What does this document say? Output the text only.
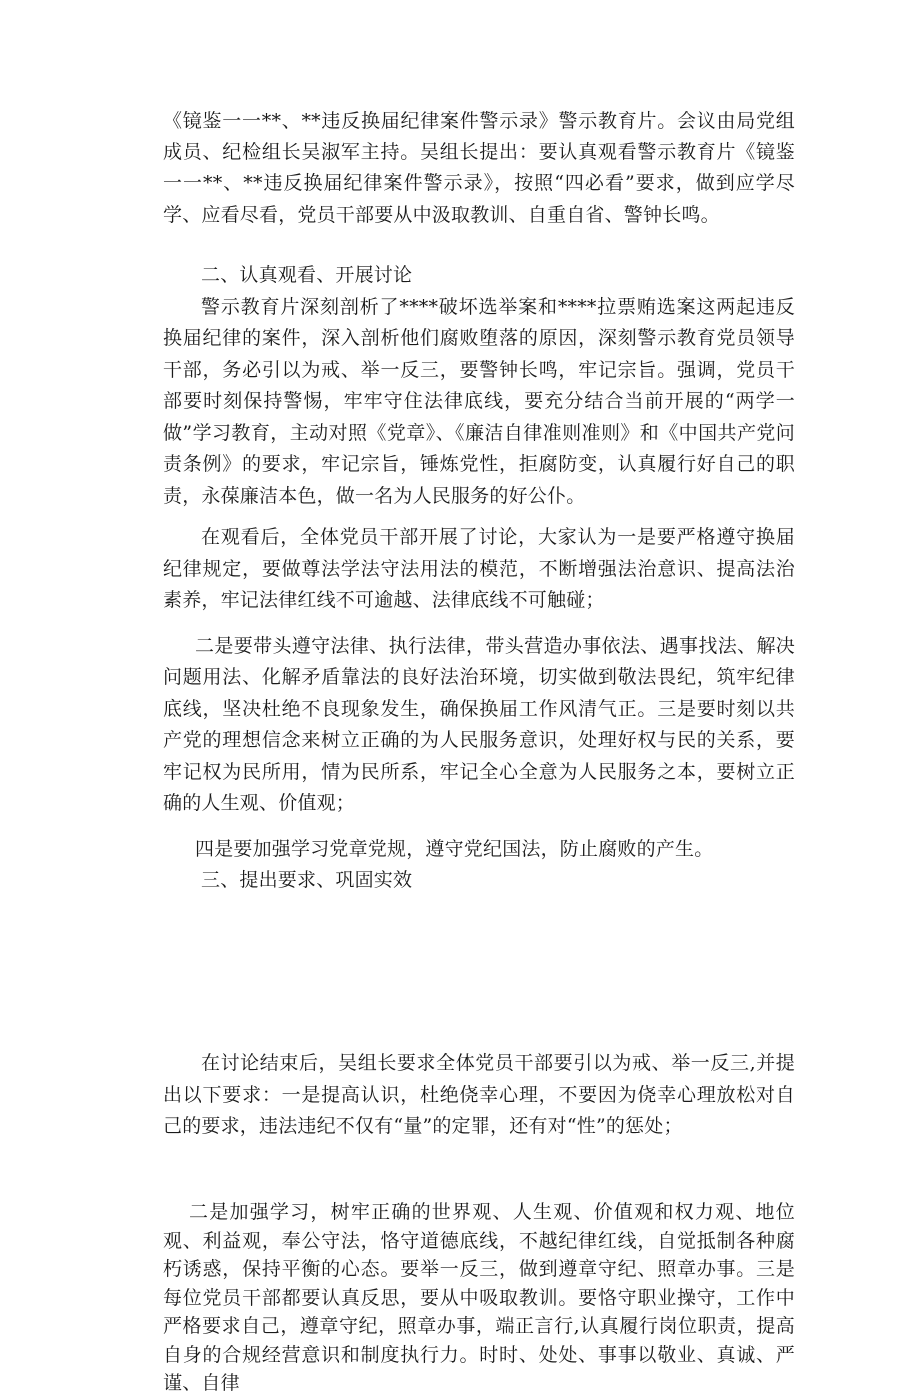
《镜鉴一一**、**违反换届纪律案件警示录》警示教育片。会议由局党组成员、纪检组长吴淑军主持。吴组长提出：要认真观看警示教育片《镜鉴一一**、**违反换届纪律案件警示录》，按照“四必看”要求，做到应学尽学、应看尽看，党员干部要从中汲取教训、自重自省、警钟长鸣。

二、认真观看、开展讨论

警示教育片深刻剖析了****破坏选举案和****拉票贿选案这两起违反换届纪律的案件，深入剖析他们腐败堕落的原因，深刻警示教育党员领导干部，务必引以为戒、举一反三，要警钟长鸣，牢记宗旨。强调，党员干部要时刻保持警惕，牢牢守住法律底线，要充分结合当前开展的“两学一做”学习教育，主动对照《党章》、《廉洁自律准则准则》和《中国共产党问责条例》的要求，牢记宗旨，锤炼党性，拒腐防变，认真履行好自己的职责，永葆廉洁本色，做一名为人民服务的好公仆。

在观看后，全体党员干部开展了讨论，大家认为一是要严格遵守换届纪律规定，要做尊法学法守法用法的模范，不断增强法治意识、提高法治素养，牢记法律红线不可逾越、法律底线不可触碰；

二是要带头遵守法律、执行法律，带头营造办事依法、遇事找法、解决问题用法、化解矛盾靠法的良好法治环境，切实做到敬法畏纪，筑牢纪律底线，坚决杜绝不良现象发生，确保换届工作风清气正。三是要时刻以共产党的理想信念来树立正确的为人民服务意识，处理好权与民的关系，要牢记权为民所用，情为民所系，牢记全心全意为人民服务之本，要树立正确的人生观、价值观；

四是要加强学习党章党规，遵守党纪国法，防止腐败的产生。

三、提出要求、巩固实效

在讨论结束后，吴组长要求全体党员干部要引以为戒、举一反三,并提出以下要求：一是提高认识，杜绝侥幸心理，不要因为侥幸心理放松对自己的要求，违法违纪不仅有“量”的定罪，还有对“性”的惩处；

二是加强学习，树牢正确的世界观、人生观、价值观和权力观、地位观、利益观，奉公守法，恪守道德底线，不越纪律红线，自觉抵制各种腐朽诱惑，保持平衡的心态。要举一反三，做到遵章守纪、照章办事。三是每位党员干部都要认真反思，要从中吸取教训。要恪守职业操守，工作中严格要求自己，遵章守纪，照章办事，端正言行,认真履行岗位职责，提高自身的合规经营意识和制度执行力。时时、处处、事事以敬业、真诚、严谨、自律
